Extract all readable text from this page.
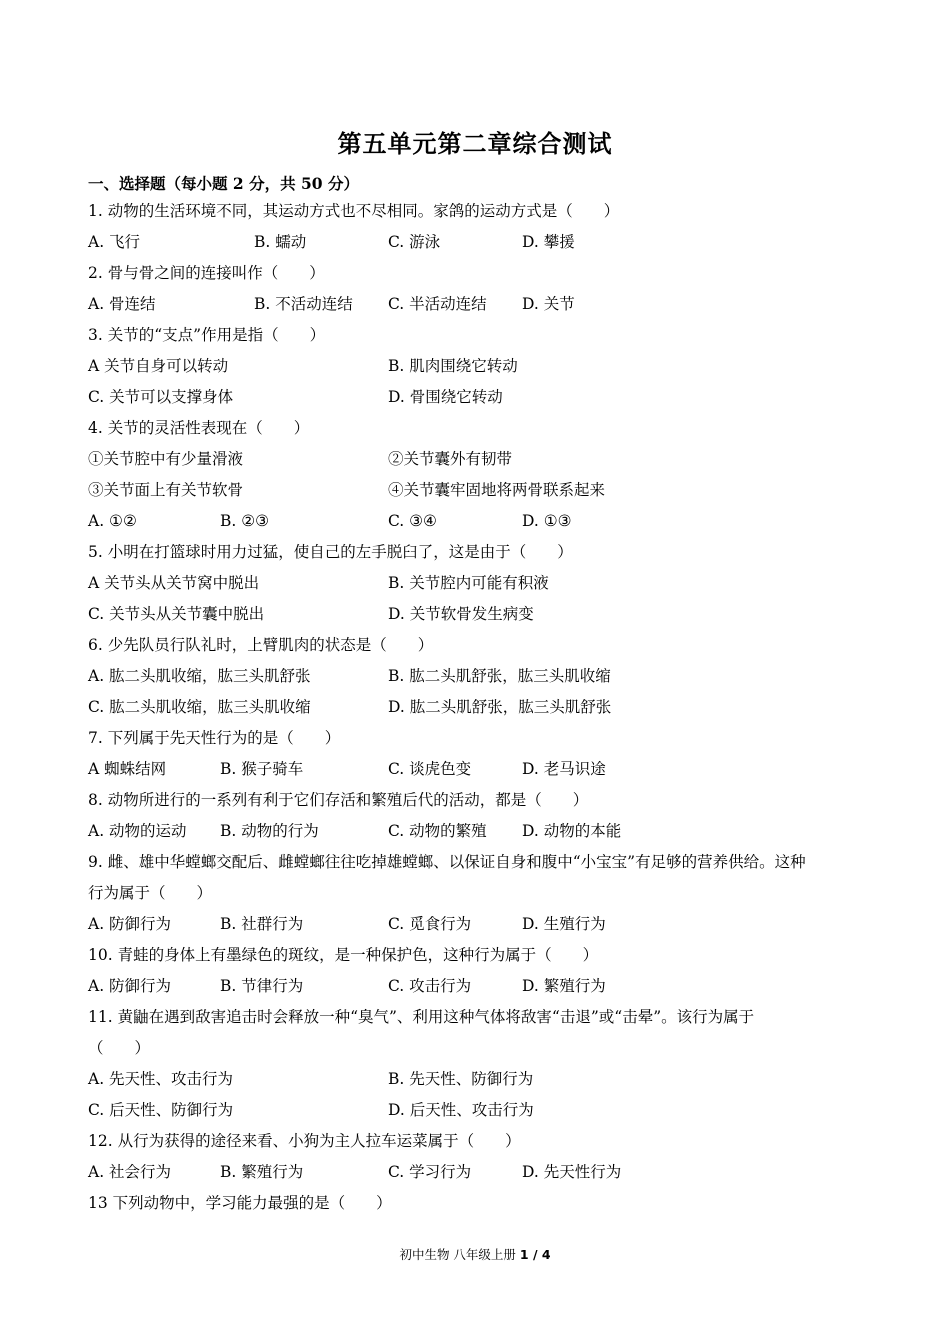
第五单元第二章综合测试
一、选择题（每小题 2 分，共 50 分）
1. 动物的生活环境不同，其运动方式也不尽相同。家鸽的运动方式是（　　）
A. 飞行	B. 蠕动	C. 游泳	D. 攀援
2. 骨与骨之间的连接叫作（　　）
A. 骨连结	B. 不活动连结 C. 半活动连结 D. 关节
3. 关节的“支点”作用是指（　　）
A 关节自身可以转动	B. 肌肉围绕它转动
C. 关节可以支撑身体	D. 骨围绕它转动
4. 关节的灵活性表现在（　　）
①关节腔中有少量滑液	②关节囊外有韧带
③关节面上有关节软骨	④关节囊牢固地将两骨联系起来
A. ①②	B. ②③	C. ③④	D. ①③
5. 小明在打篮球时用力过猛，使自己的左手脱臼了，这是由于（　　）
A 关节头从关节窝中脱出	B. 关节腔内可能有积液
C. 关节头从关节囊中脱出	D. 关节软骨发生病变
6. 少先队员行队礼时，上臂肌肉的状态是（　　）
A. 肱二头肌收缩，肱三头肌舒张	B. 肱二头肌舒张，肱三头肌收缩
C. 肱二头肌收缩，肱三头肌收缩	D. 肱二头肌舒张，肱三头肌舒张
7. 下列属于先天性行为的是（　　）
A 蜘蛛结网	B. 猴子骑车	C. 谈虎色变	D. 老马识途
8. 动物所进行的一系列有利于它们存活和繁殖后代的活动，都是（　　）
A. 动物的运动 B. 动物的行为	C. 动物的繁殖 D. 动物的本能
9. 雌、雄中华螳螂交配后、雌螳螂往往吃掉雄螳螂、以保证自身和腹中“小宝宝”有足够的营养供给。这种
行为属于（　　）
A. 防御行为	B. 社群行为	C. 觅食行为	D. 生殖行为
10. 青蛙的身体上有墨绿色的斑纹，是一种保护色，这种行为属于（　　）
A. 防御行为	B. 节律行为	C. 攻击行为	D. 繁殖行为
11. 黄鼬在遇到敌害追击时会释放一种“臭气”、利用这种气体将敌害“击退”或“击晕”。该行为属于
（　　）
A. 先天性、攻击行为	B. 先天性、防御行为
C. 后天性、防御行为	D. 后天性、攻击行为
12. 从行为获得的途径来看、小狗为主人拉车运菜属于（　　）
A. 社会行为	B. 繁殖行为	C. 学习行为	D. 先天性行为
13 下列动物中，学习能力最强的是（　　）
初中生物 八年级上册 1 / 4
